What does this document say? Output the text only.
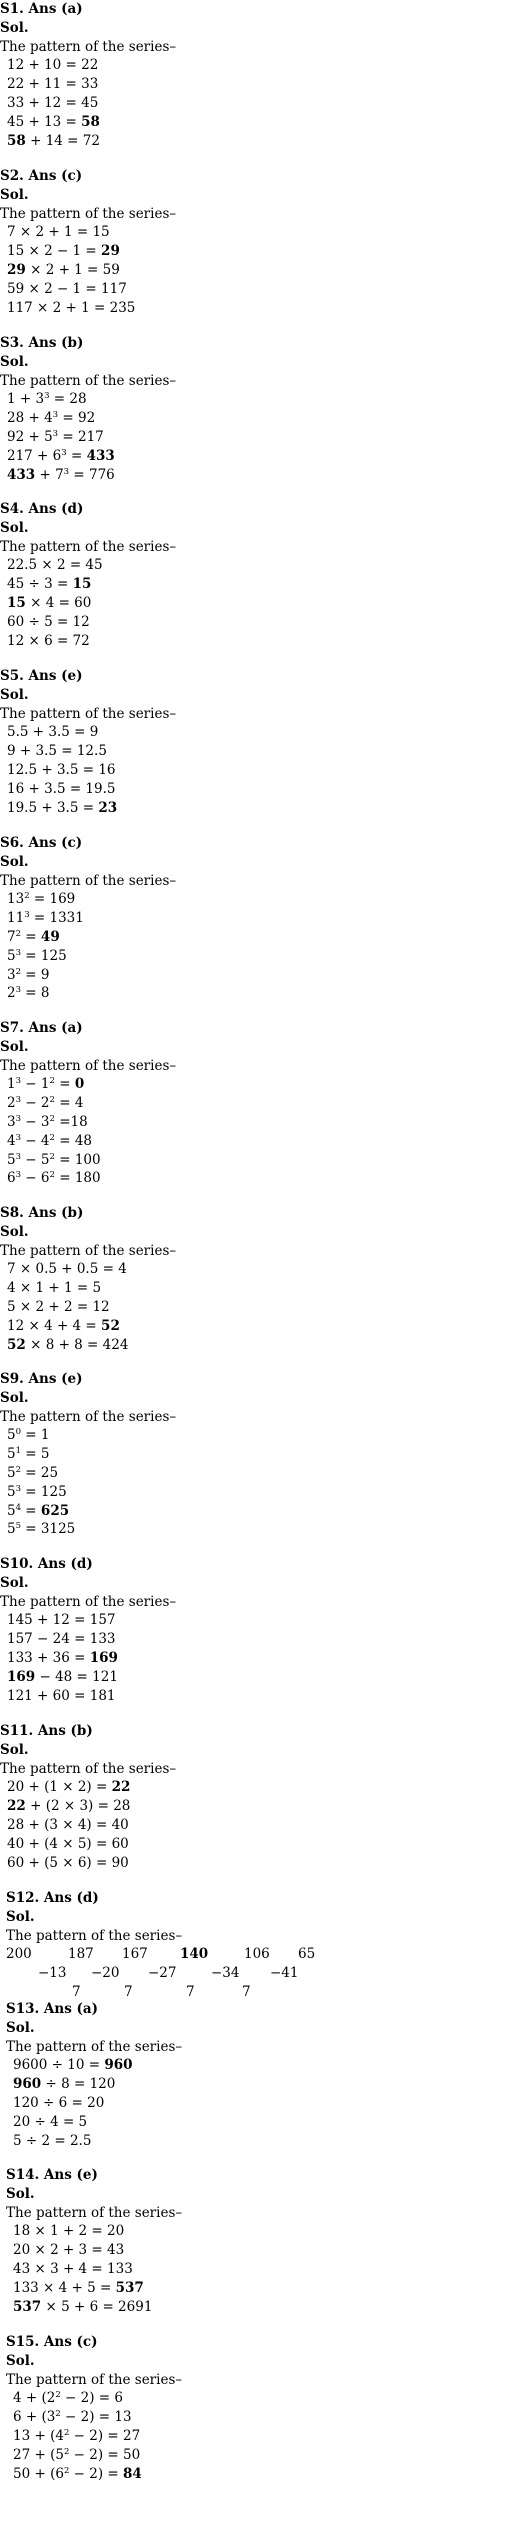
S1. Ans (a)

Sol.

The pattern of the series–

12 + 10 = 22

22 + 11 = 33

33 + 12 = 45

45 + 13 = 58

58 + 14 = 72

S2. Ans (c)

Sol.

The pattern of the series–

7 × 2 + 1 = 15

15 × 2 − 1 = 29

29 × 2 + 1 = 59

59 × 2 − 1 = 117

117 × 2 + 1 = 235

S3. Ans (b)

Sol.

The pattern of the series–

$1 + 3^3 = 28$

$28 + 4^3 = 92$

$92 + 5^3 = 217$

$217 + 6^3 = 433$

$433 + 7^3 = 776$

S4. Ans (d)

Sol.

The pattern of the series–

22.5 × 2 = 45

45 ÷ 3 = 15

15 × 4 = 60

60 ÷ 5 = 12

12 × 6 = 72

S5. Ans (e)

Sol.

The pattern of the series–

5.5 + 3.5 = 9

9 + 3.5 = 12.5

12.5 + 3.5 = 16

16 + 3.5 = 19.5

19.5 + 3.5 = 23

S6. Ans (c)

Sol.

The pattern of the series–

$13^2 = 169$

$11^3 = 1331$

$7^2 = 49$

$5^3 = 125$

$3^2 = 9$

$2^3 = 8$

S7. Ans (a)

Sol.

The pattern of the series–

$1^3 - 1^2 = 0$

$2^3 - 2^2 = 4$

$3^3 - 3^2 =18$

$4^3 - 4^2 = 48$

$5^3 - 5^2 = 100$

$6^3 - 6^2 = 180$

S8. Ans (b)

Sol.

The pattern of the series–

7 × 0.5 + 0.5 = 4

4 × 1 + 1 = 5

5 × 2 + 2 = 12

12 × 4 + 4 = 52

52 × 8 + 8 = 424

S9. Ans (e)

Sol.

The pattern of the series–

$5^0 = 1$

$5^1 = 5$

$5^2 = 25$

$5^3 = 125$

$5^4 = 625$

$5^5 = 3125$

S10. Ans (d)

Sol.

The pattern of the series–

145 + 12 = 157

157 − 24 = 133

133 + 36 = 169

169 − 48 = 121

121 + 60 = 181

S11. Ans (b)

Sol.

The pattern of the series–

20 + (1 × 2) = 22

22 + (2 × 3) = 28

28 + (3 × 4) = 40

40 + (4 × 5) = 60

60 + (5 × 6) = 90

S13. Ans (a)

Sol.

The pattern of the series–

9600 ÷ 10 = 960

960 ÷ 8 = 120

120 ÷ 6 = 20

20 ÷ 4 = 5

5 ÷ 2 = 2.5

S14. Ans (e)

Sol.

The pattern of the series–

18 × 1 + 2 = 20

20 × 2 + 3 = 43

43 × 3 + 4 = 133

133 × 4 + 5 = 537

537 × 5 + 6 = 2691

S15. Ans (c)

Sol.

The pattern of the series–

$4 + (2^2 - 2) = 6$

$6 + (3^2 - 2) = 13$

$13 + (4^2 - 2) = 27$

$27 + (5^2 - 2) = 50$

$50 + (6^2 - 2) = 84$

S12. Ans (d)

Sol.

The pattern of the series–

200	187 167 140	106 65
−13 −20 −27	−34 −41
7	7	7	7
